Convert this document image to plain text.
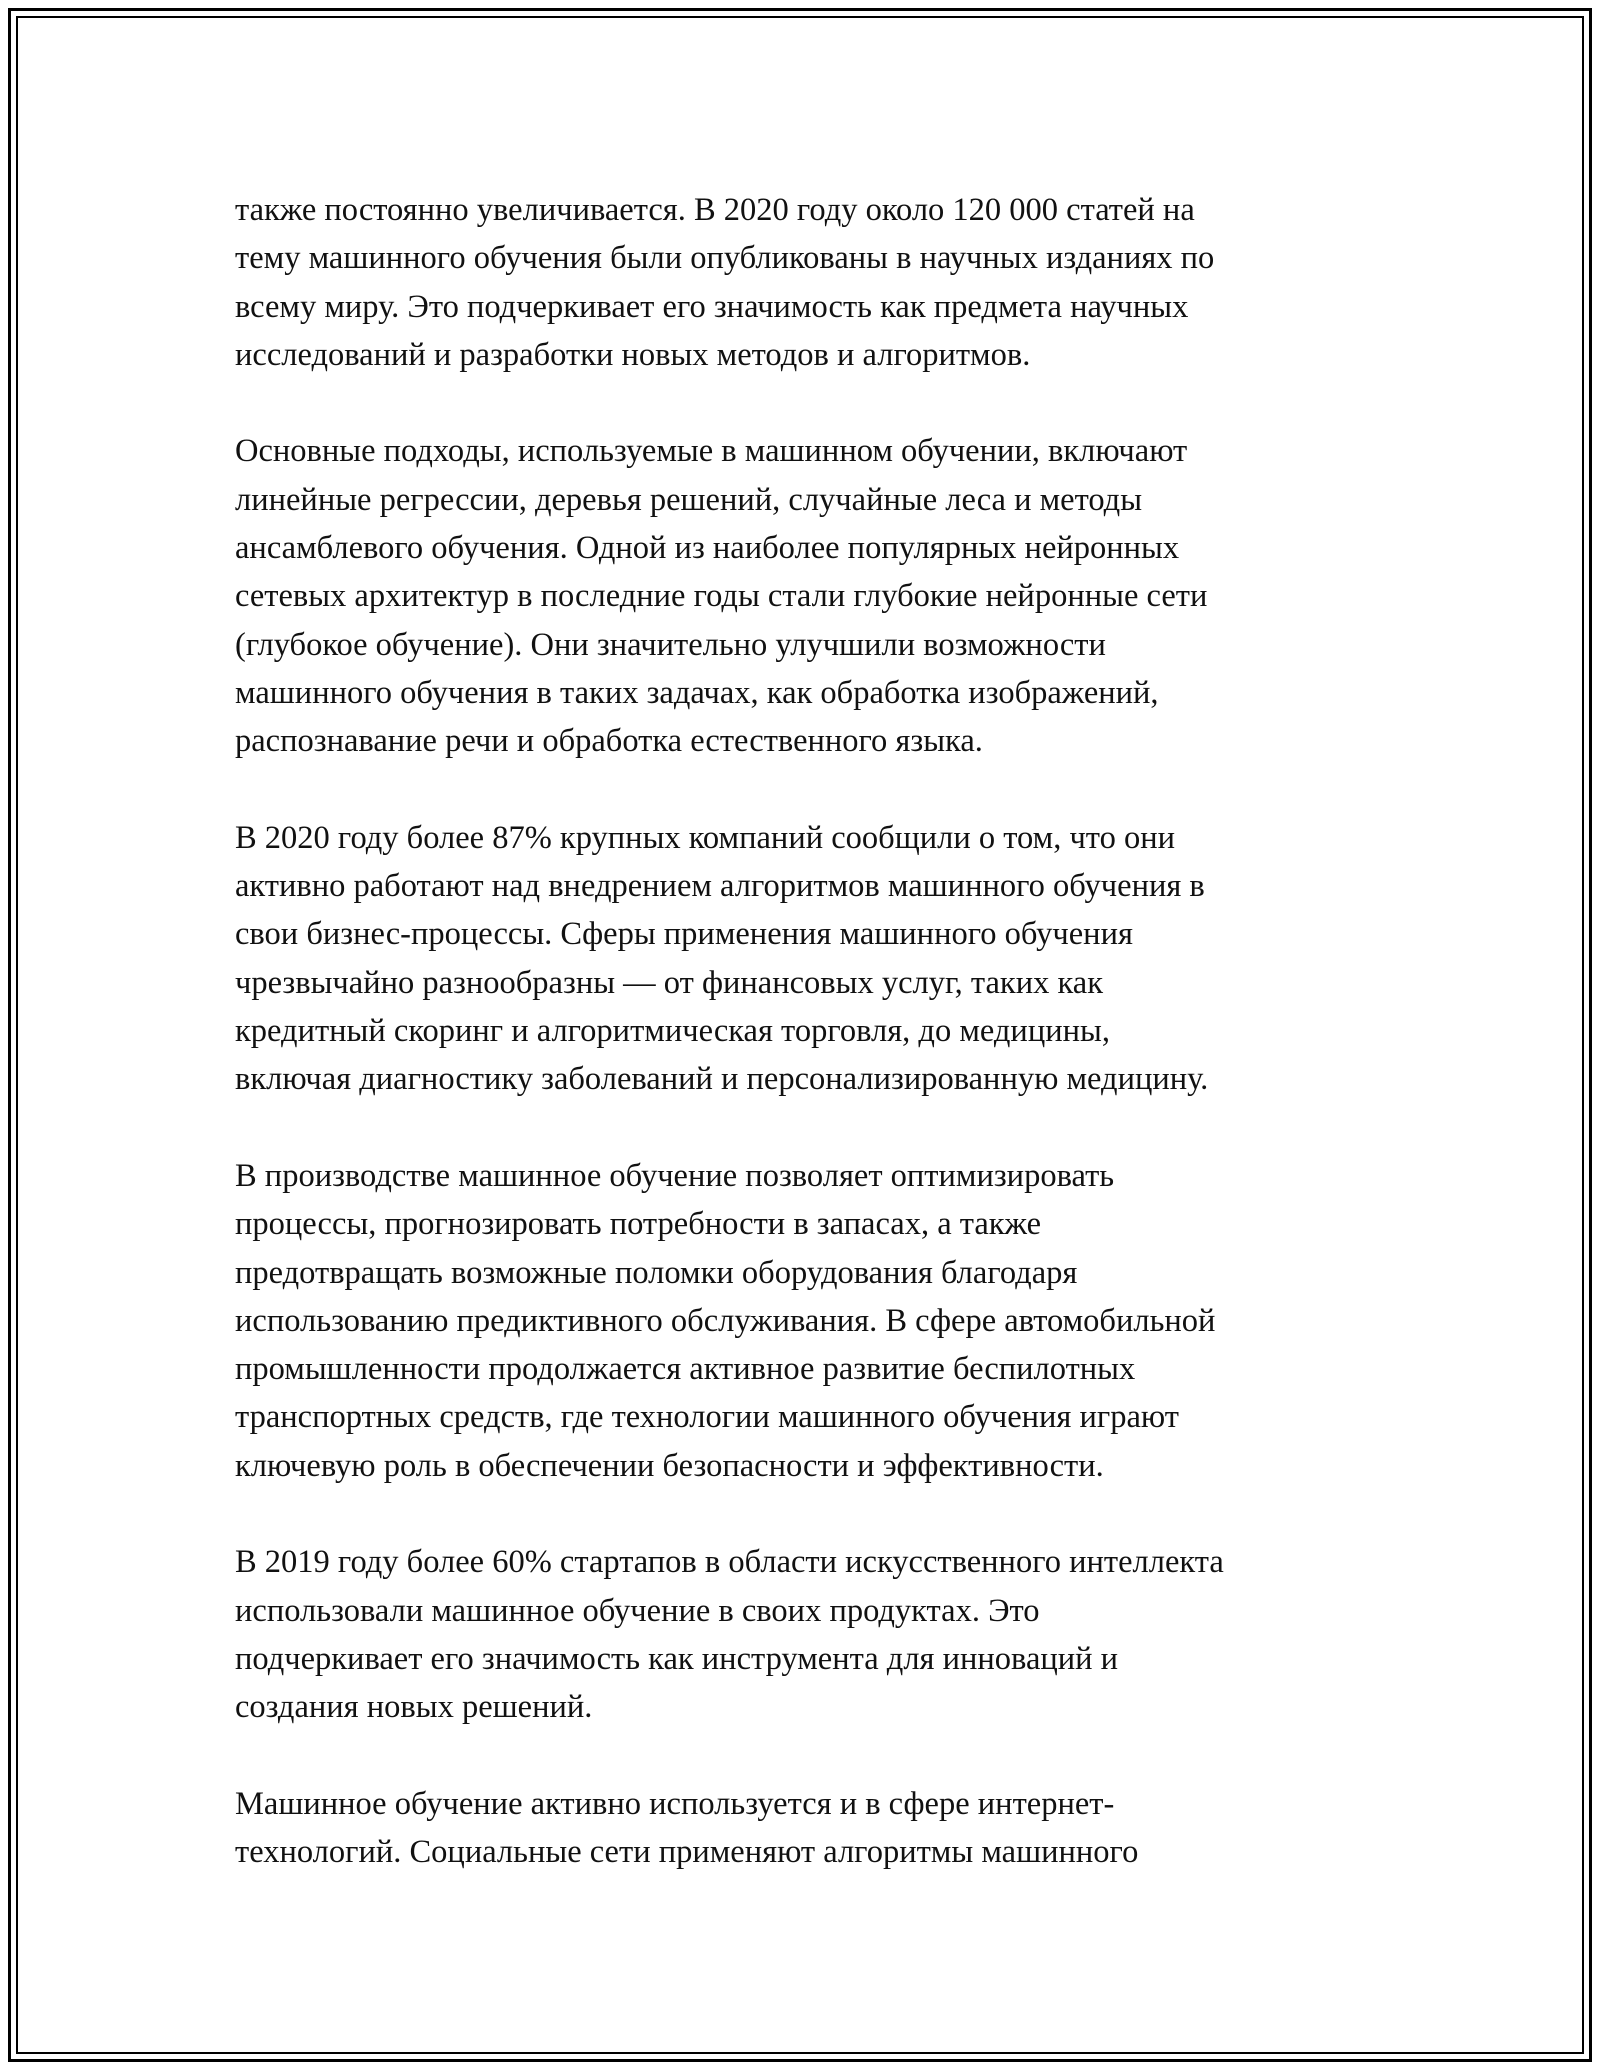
также постоянно увеличивается. В 2020 году около 120 000 статей на
тему машинного обучения были опубликованы в научных изданиях по
всему миру. Это подчеркивает его значимость как предмета научных
исследований и разработки новых методов и алгоритмов.

Основные подходы, используемые в машинном обучении, включают
линейные регрессии, деревья решений, случайные леса и методы
ансамблевого обучения. Одной из наиболее популярных нейронных
сетевых архитектур в последние годы стали глубокие нейронные сети
(глубокое обучение). Они значительно улучшили возможности
машинного обучения в таких задачах, как обработка изображений,
распознавание речи и обработка естественного языка.

В 2020 году более 87% крупных компаний сообщили о том, что они
активно работают над внедрением алгоритмов машинного обучения в
свои бизнес-процессы. Сферы применения машинного обучения
чрезвычайно разнообразны — от финансовых услуг, таких как
кредитный скоринг и алгоритмическая торговля, до медицины,
включая диагностику заболеваний и персонализированную медицину.

В производстве машинное обучение позволяет оптимизировать
процессы, прогнозировать потребности в запасах, а также
предотвращать возможные поломки оборудования благодаря
использованию предиктивного обслуживания. В сфере автомобильной
промышленности продолжается активное развитие беспилотных
транспортных средств, где технологии машинного обучения играют
ключевую роль в обеспечении безопасности и эффективности.

В 2019 году более 60% стартапов в области искусственного интеллекта
использовали машинное обучение в своих продуктах. Это
подчеркивает его значимость как инструмента для инноваций и
создания новых решений.

Машинное обучение активно используется и в сфере интернет-
технологий. Социальные сети применяют алгоритмы машинного
